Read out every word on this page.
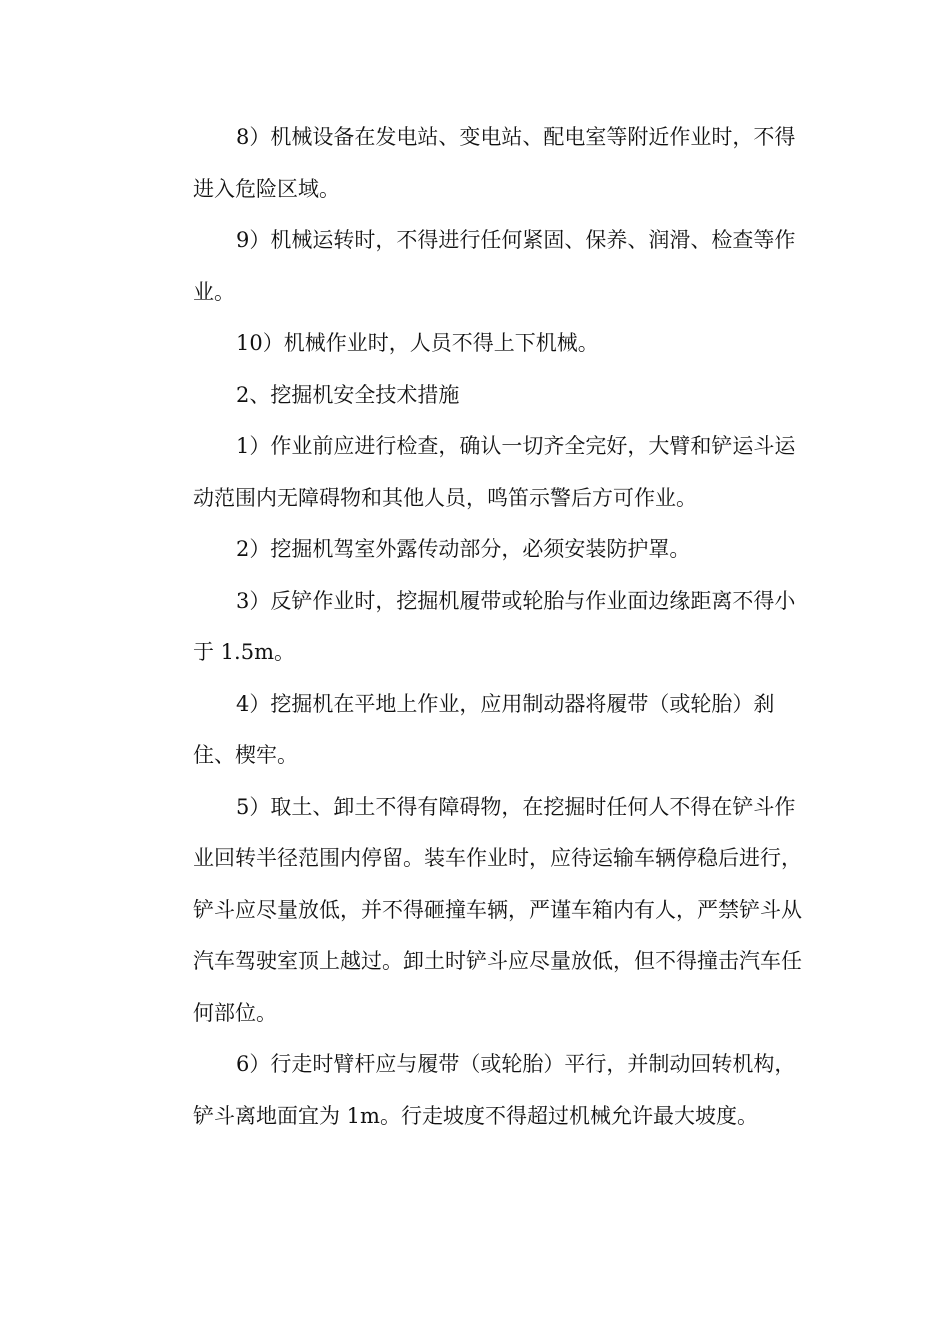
8）机械设备在发电站、变电站、配电室等附近作业时，不得
进入危险区域。
9）机械运转时，不得进行任何紧固、保养、润滑、检查等作
业。
10）机械作业时，人员不得上下机械。
2、挖掘机安全技术措施
1）作业前应进行检查，确认一切齐全完好，大臂和铲运斗运
动范围内无障碍物和其他人员，鸣笛示警后方可作业。
2）挖掘机驾室外露传动部分，必须安装防护罩。
3）反铲作业时，挖掘机履带或轮胎与作业面边缘距离不得小
于 1.5m。
4）挖掘机在平地上作业，应用制动器将履带（或轮胎）刹
住、楔牢。
5）取土、卸土不得有障碍物，在挖掘时任何人不得在铲斗作
业回转半径范围内停留。装车作业时，应待运输车辆停稳后进行，
铲斗应尽量放低，并不得砸撞车辆，严谨车箱内有人，严禁铲斗从
汽车驾驶室顶上越过。卸土时铲斗应尽量放低，但不得撞击汽车任
何部位。
6）行走时臂杆应与履带（或轮胎）平行，并制动回转机构，
铲斗离地面宜为 1m。行走坡度不得超过机械允许最大坡度。
